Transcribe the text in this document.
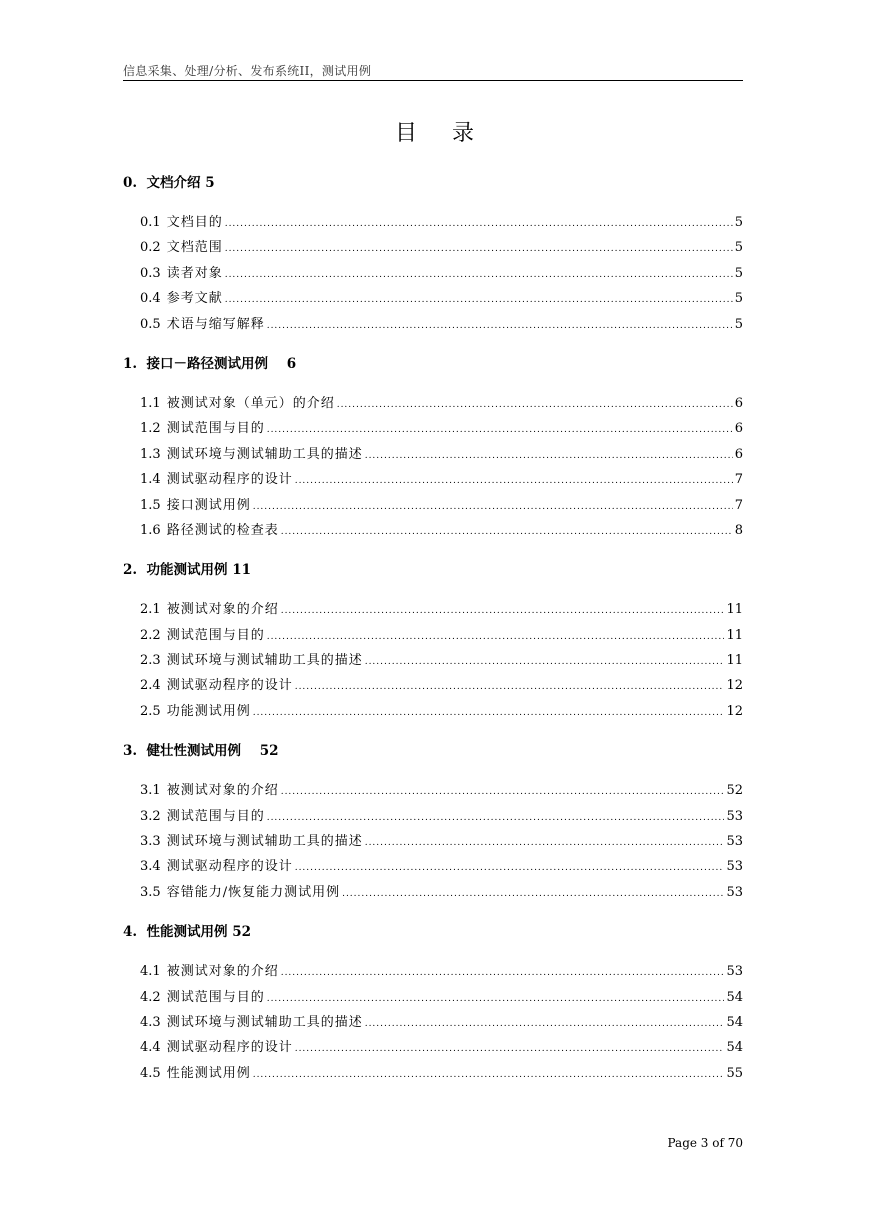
信息采集、处理/分析、发布系统II，测试用例
目 录
0.  文档介绍 5
0.1 文档目的 .....	5
0.2 文档范围 .....	5
0.3 读者对象 .....	5
0.4 参考文献 .....	5
0.5 术语与缩写解释 .....	5
1.  接口－路径测试用例    6
1.1 被测试对象（单元）的介绍 .....	6
1.2 测试范围与目的 .....	6
1.3 测试环境与测试辅助工具的描述 .....	6
1.4 测试驱动程序的设计 .....	7
1.5 接口测试用例 .....	7
1.6 路径测试的检查表 .....	8
2.  功能测试用例 11
2.1 被测试对象的介绍 .....	11
2.2 测试范围与目的 .....	11
2.3 测试环境与测试辅助工具的描述 .....	11
2.4 测试驱动程序的设计 .....	12
2.5 功能测试用例 .....	12
3.  健壮性测试用例    52
3.1 被测试对象的介绍 .....	52
3.2 测试范围与目的 .....	53
3.3 测试环境与测试辅助工具的描述 .....	53
3.4 测试驱动程序的设计 .....	53
3.5 容错能力/恢复能力测试用例 .....	53
4.  性能测试用例 52
4.1 被测试对象的介绍 .....	53
4.2 测试范围与目的 .....	54
4.3 测试环境与测试辅助工具的描述 .....	54
4.4 测试驱动程序的设计 .....	54
4.5 性能测试用例 .....	55
Page 3 of 70
